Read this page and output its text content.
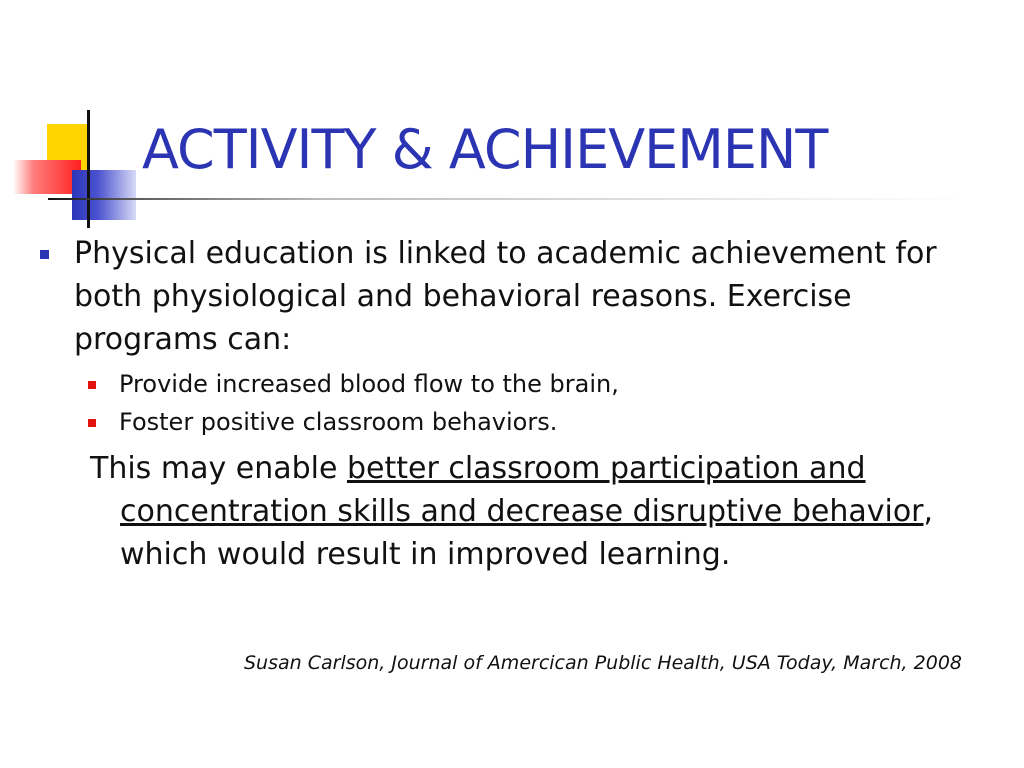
ACTIVITY & ACHIEVEMENT
Physical education is linked to academic achievement for both physiological and behavioral reasons. Exercise programs can:
Provide increased blood flow to the brain,
Foster positive classroom behaviors.
This may enable better classroom participation and concentration skills and decrease disruptive behavior, which would result in improved learning.
Susan Carlson, Journal of Amercican Public Health, USA Today, March, 2008
